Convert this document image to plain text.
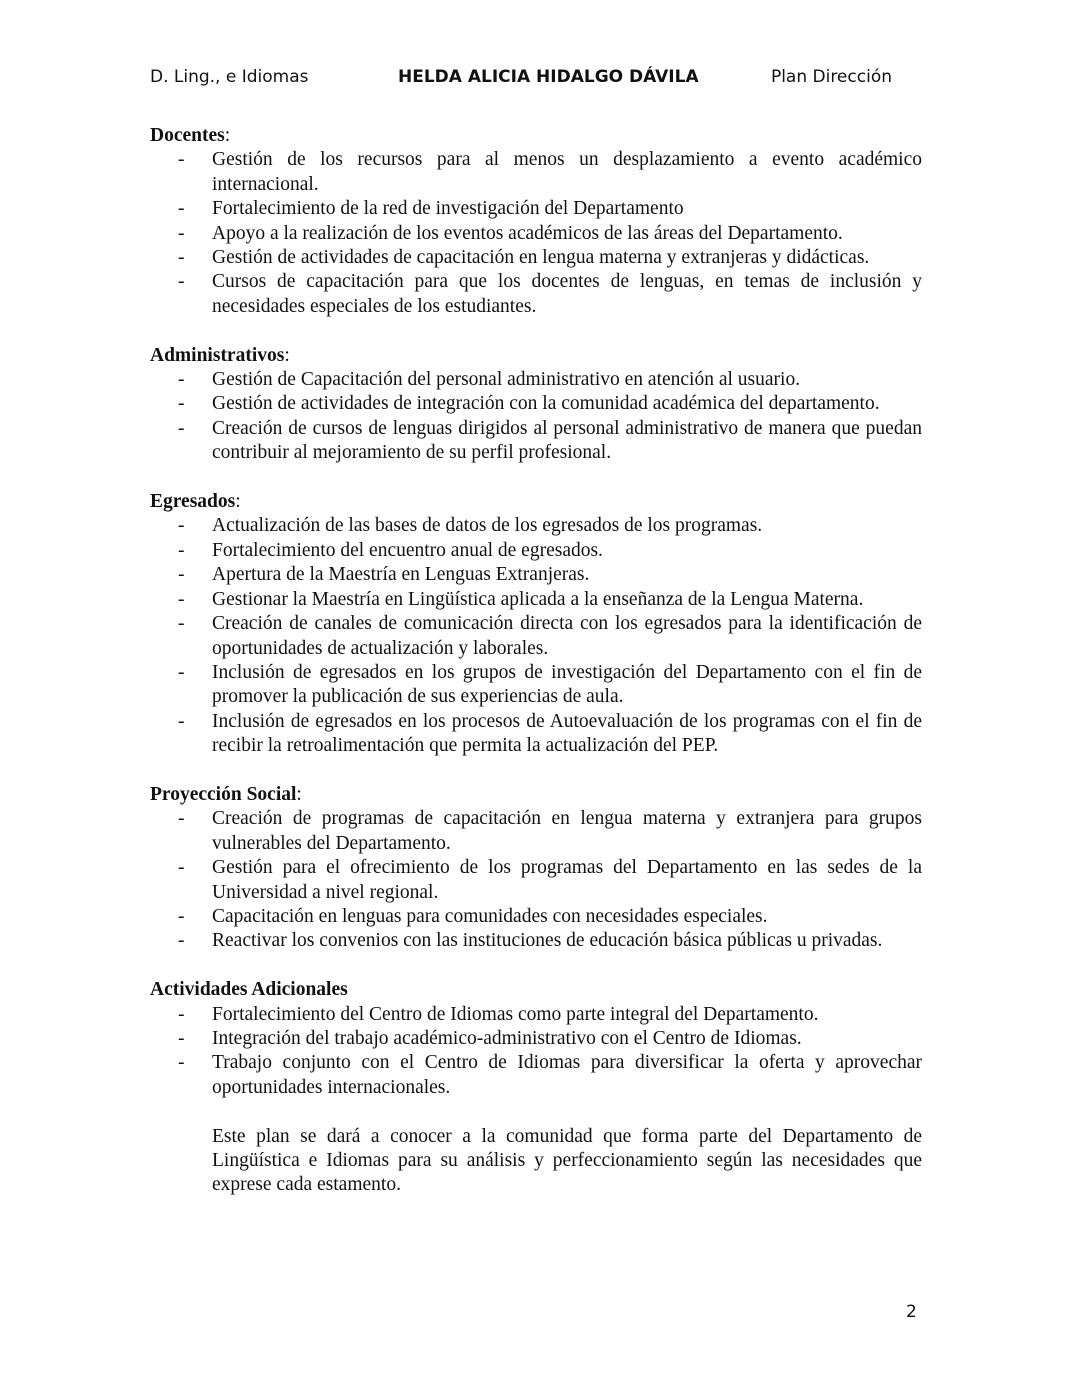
D. Ling., e Idiomas	HELDA ALICIA HIDALGO DÁVILA	Plan Dirección
Docentes:
- Gestión de los recursos para al menos un desplazamiento a evento académico internacional.
- Fortalecimiento de la red de investigación del Departamento
- Apoyo a la realización de los eventos académicos de las áreas del Departamento.
- Gestión de actividades de capacitación en lengua materna y extranjeras y didácticas.
- Cursos de capacitación para que los docentes de lenguas, en temas de inclusión y necesidades especiales de los estudiantes.
Administrativos:
- Gestión de Capacitación del personal administrativo en atención al usuario.
- Gestión de actividades de integración con la comunidad académica del departamento.
- Creación de cursos de lenguas dirigidos al personal administrativo de manera que puedan contribuir al mejoramiento de su perfil profesional.
Egresados:
- Actualización de las bases de datos de los egresados de los programas.
- Fortalecimiento del encuentro anual de egresados.
- Apertura de la Maestría en Lenguas Extranjeras.
- Gestionar la Maestría en Lingüística aplicada a la enseñanza de la Lengua Materna.
- Creación de canales de comunicación directa con los egresados para la identificación de oportunidades de actualización y laborales.
- Inclusión de egresados en los grupos de investigación del Departamento con el fin de promover la publicación de sus experiencias de aula.
- Inclusión de egresados en los procesos de Autoevaluación de los programas con el fin de recibir la retroalimentación que permita la actualización del PEP.
Proyección Social:
- Creación de programas de capacitación en lengua materna y extranjera para grupos vulnerables del Departamento.
- Gestión para el ofrecimiento de los programas del Departamento en las sedes de la Universidad a nivel regional.
- Capacitación en lenguas para comunidades con necesidades especiales.
- Reactivar los convenios con las instituciones de educación básica públicas u privadas.
Actividades Adicionales
- Fortalecimiento del Centro de Idiomas como parte integral del Departamento.
- Integración del trabajo académico-administrativo con el Centro de Idiomas.
- Trabajo conjunto con el Centro de Idiomas para diversificar la oferta y aprovechar oportunidades internacionales.
Este plan se dará a conocer a la comunidad que forma parte del Departamento de Lingüística e Idiomas para su análisis y perfeccionamiento según las necesidades que exprese cada estamento.
2
